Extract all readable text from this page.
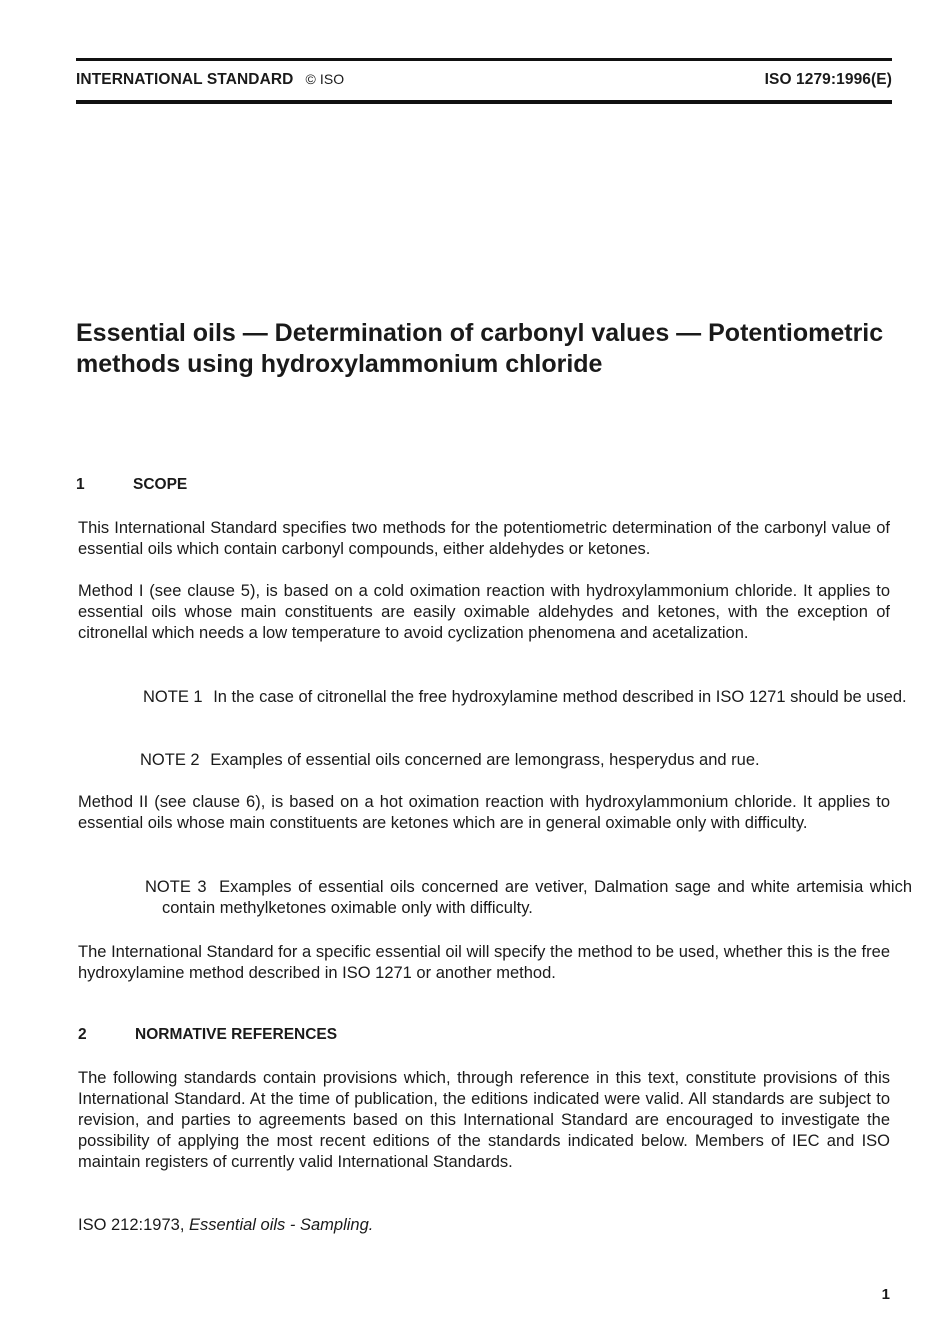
INTERNATIONAL STANDARD © ISO	ISO 1279:1996(E)
Essential oils — Determination of carbonyl values — Potentiometric
methods using hydroxylammonium chloride
1	SCOPE

This International Standard specifies two methods for the potentiometric determination of the carbonyl value of essential oils which contain carbonyl compounds, either aldehydes or ketones.

Method I (see clause 5), is based on a cold oximation reaction with hydroxylammonium chloride. It applies to essential oils whose main constituents are easily oximable aldehydes and ketones, with the exception of citronellal which needs a low temperature to avoid cyclization phenomena and acetalization.

NOTE 1 In the case of citronellal the free hydroxylamine method described in ISO 1271 should be used.

NOTE 2 Examples of essential oils concerned are lemongrass, hesperydus and rue.

Method II (see clause 6), is based on a hot oximation reaction with hydroxylammonium chloride. It applies to essential oils whose main constituents are ketones which are in general oximable only with difficulty.

NOTE 3 Examples of essential oils concerned are vetiver, Dalmation sage and white artemisia which contain methylketones oximable only with difficulty.

The International Standard for a specific essential oil will specify the method to be used, whether this is the free hydroxylamine method described in ISO 1271 or another method.

2	NORMATIVE REFERENCES

The following standards contain provisions which, through reference in this text, constitute provisions of this International Standard. At the time of publication, the editions indicated were valid. All standards are subject to revision, and parties to agreements based on this International Standard are encouraged to investigate the possibility of applying the most recent editions of the standards indicated below. Members of IEC and ISO maintain registers of currently valid International Standards.

ISO 212:1973, Essential oils - Sampling.

1
